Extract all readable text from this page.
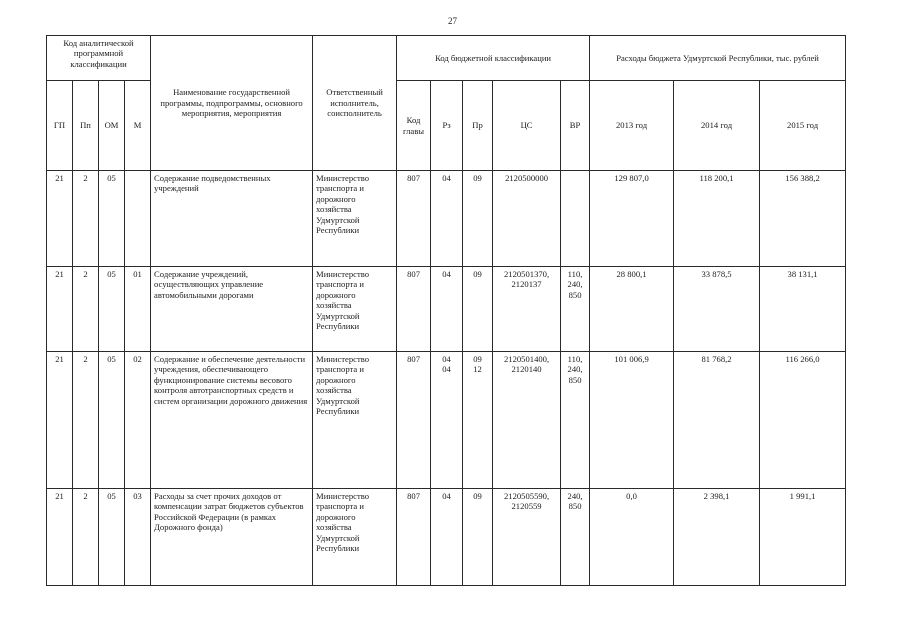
27
Код аналитической программной классификации				Наименование государственной программы, подпрограммы, основного мероприятия, мероприятия	Ответственный исполнитель, соисполнитель	Код бюджетной классификации					Расходы бюджета Удмуртской Республики, тыс. рублей		
ГП	Пп	ОМ	М			Код главы	Рз	Пр	ЦС	ВР	2013 год	2014 год	2015 год
21	2	05		Содержание подведомственных учреждений	Министерство транспорта и дорожного хозяйства Удмуртской Республики	807	04	09	2120500000		129 807,0	118 200,1	156 388,2
21	2	05	01	Содержание учреждений, осуществляющих управление автомобильными дорогами	Министерство транспорта и дорожного хозяйства Удмуртской Республики	807	04	09	2120501370, 2120137	110, 240, 850	28 800,1	33 878,5	38 131,1
21	2	05	02	Содержание и обеспечение деятельности учреждения, обеспечивающего функционирование системы весового контроля автотранспортных средств и систем организации дорожного движения	Министерство транспорта и дорожного хозяйства Удмуртской Республики	807	04 04	09 12	2120501400, 2120140	110, 240, 850	101 006,9	81 768,2	116 266,0
21	2	05	03	Расходы за счет прочих доходов от компенсации затрат бюджетов субъектов Российской Федерации (в рамках Дорожного фонда)	Министерство транспорта и дорожного хозяйства Удмуртской Республики	807	04	09	2120505590, 2120559	240, 850	0,0	2 398,1	1 991,1
